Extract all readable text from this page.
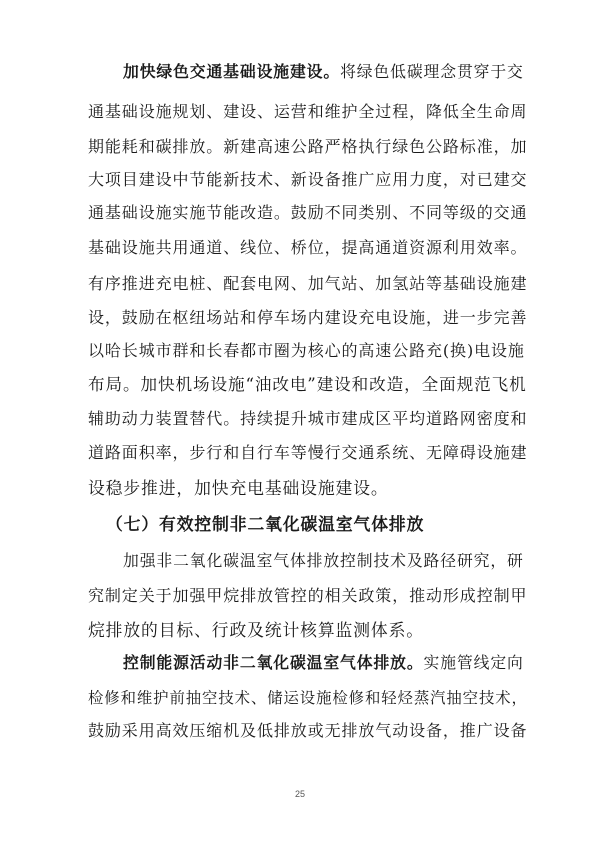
加快绿色交通基础设施建设。将绿色低碳理念贯穿于交
通基础设施规划、建设、运营和维护全过程，降低全生命周
期能耗和碳排放。新建高速公路严格执行绿色公路标准，加
大项目建设中节能新技术、新设备推广应用力度，对已建交
通基础设施实施节能改造。鼓励不同类别、不同等级的交通
基础设施共用通道、线位、桥位，提高通道资源利用效率。
有序推进充电桩、配套电网、加气站、加氢站等基础设施建
设，鼓励在枢纽场站和停车场内建设充电设施，进一步完善
以哈长城市群和长春都市圈为核心的高速公路充(换)电设施
布局。加快机场设施“油改电”建设和改造，全面规范飞机
辅助动力装置替代。持续提升城市建成区平均道路网密度和
道路面积率，步行和自行车等慢行交通系统、无障碍设施建
设稳步推进，加快充电基础设施建设。
（七）有效控制非二氧化碳温室气体排放
加强非二氧化碳温室气体排放控制技术及路径研究，研
究制定关于加强甲烷排放管控的相关政策，推动形成控制甲
烷排放的目标、行政及统计核算监测体系。
控制能源活动非二氧化碳温室气体排放。实施管线定向
检修和维护前抽空技术、储运设施检修和轻烃蒸汽抽空技术，
鼓励采用高效压缩机及低排放或无排放气动设备，推广设备
25
